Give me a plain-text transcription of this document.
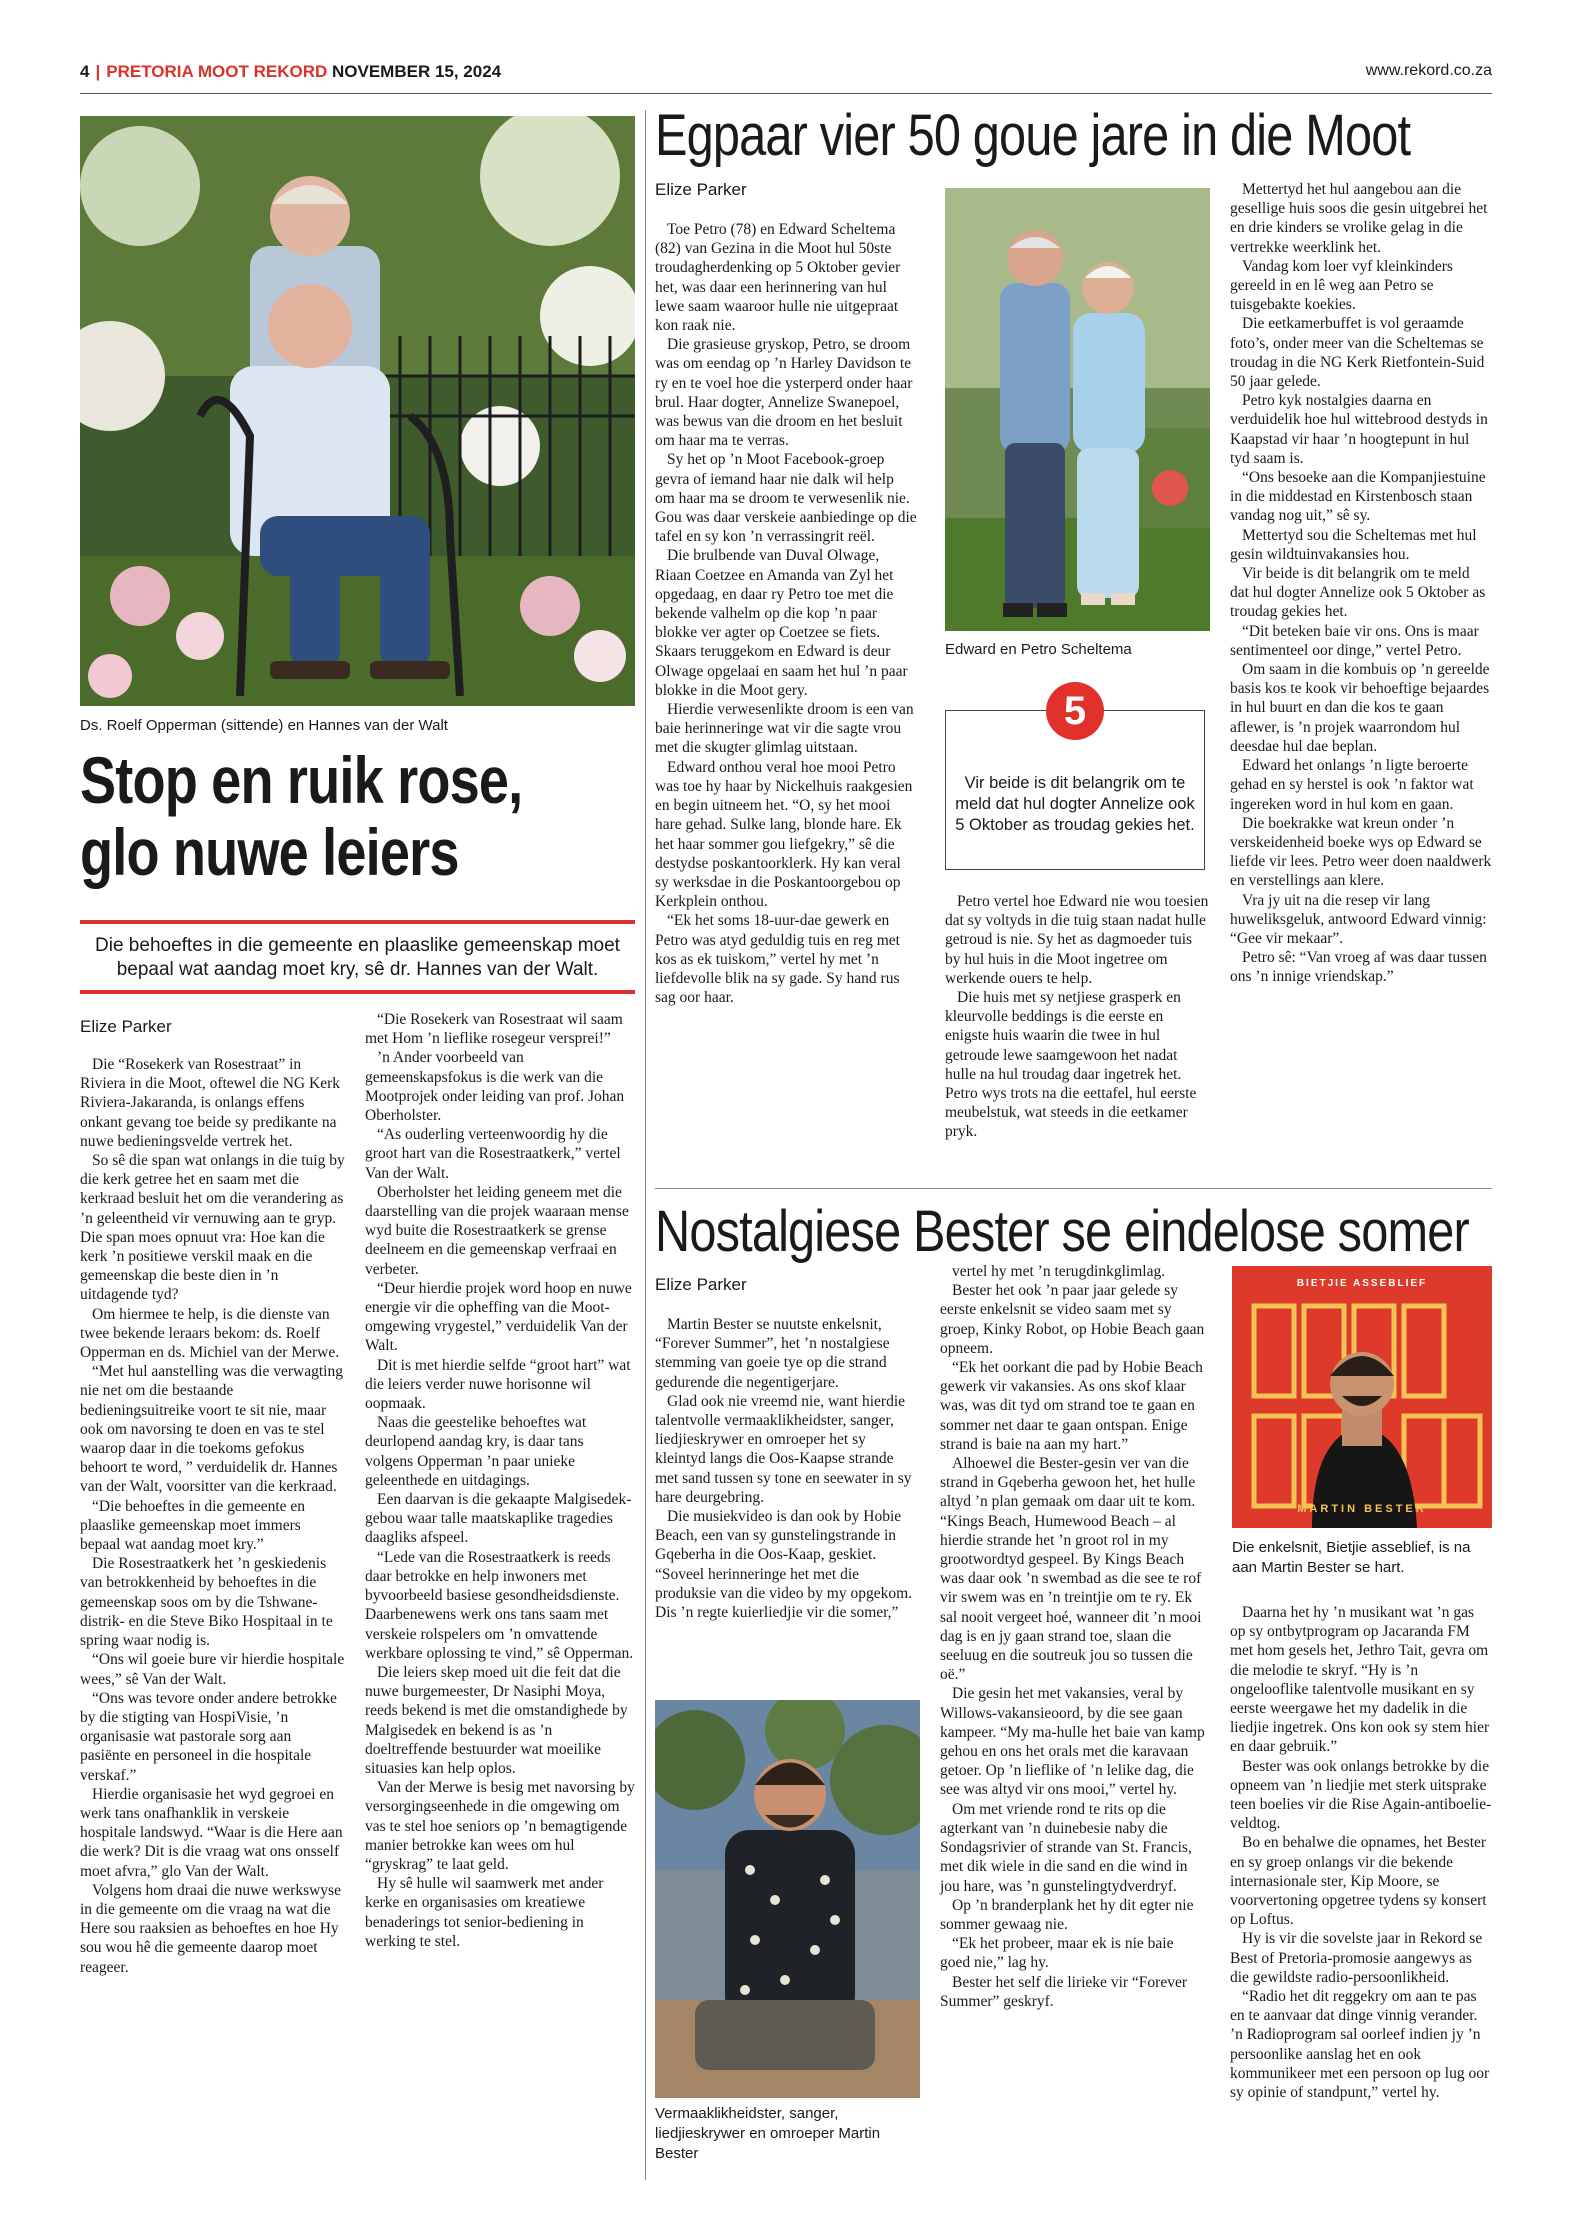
4 | PRETORIA MOOT REKORD NOVEMBER 15, 2024	www.rekord.co.za
Ds. Roelf Opperman (sittende) en Hannes van der Walt
Stop en ruik rose, glo nuwe leiers
Die behoeftes in die gemeente en plaaslike gemeenskap moet bepaal wat aandag moet kry, sê dr. Hannes van der Walt.
Elize Parker

Die “Rosekerk van Rosestraat” in Riviera in die Moot, oftewel die NG Kerk Riviera-Jakaranda, is onlangs effens onkant gevang toe beide sy predikante na nuwe bedieningsvelde vertrek het.

So sê die span wat onlangs in die tuig by die kerk getree het en saam met die kerkraad besluit het om die verandering as ’n geleentheid vir vernuwing aan te gryp. Die span moes opnuut vra: Hoe kan die kerk ’n positiewe verskil maak en die gemeenskap die beste dien in ’n uitdagende tyd?

Om hiermee te help, is die dienste van twee bekende leraars bekom: ds. Roelf Opperman en ds. Michiel van der Merwe.

“Met hul aanstelling was die verwagting nie net om die bestaande bedieningsuitreike voort te sit nie, maar ook om navorsing te doen en vas te stel waarop daar in die toekoms gefokus behoort te word, ” verduidelik dr. Hannes van der Walt, voorsitter van die kerkraad.

“Die behoeftes in die gemeente en plaaslike gemeenskap moet immers bepaal wat aandag moet kry.”

Die Rosestraatkerk het ’n geskiedenis van betrokkenheid by behoeftes in die gemeenskap soos om by die Tshwane-distrik- en die Steve Biko Hospitaal in te spring waar nodig is.

“Ons wil goeie bure vir hierdie hospitale wees,” sê Van der Walt.

“Ons was tevore onder andere betrokke by die stigting van HospiVisie, ’n organisasie wat pastorale sorg aan pasiënte en personeel in die hospitale verskaf.”

Hierdie organisasie het wyd gegroei en werk tans onafhanklik in verskeie hospitale landswyd. “Waar is die Here aan die werk? Dit is die vraag wat ons onsself moet afvra,” glo Van der Walt.

Volgens hom draai die nuwe werkswyse in die gemeente om die vraag na wat die Here sou raaksien as behoeftes en hoe Hy sou wou hê die gemeente daarop moet reageer.

“Die Rosekerk van Rosestraat wil saam met Hom ’n lieflike rosegeur versprei!”

’n Ander voorbeeld van gemeenskapsfokus is die werk van die Mootprojek onder leiding van prof. Johan Oberholster.

“As ouderling verteenwoordig hy die groot hart van die Rosestraatkerk,” vertel Van der Walt.

Oberholster het leiding geneem met die daarstelling van die projek waaraan mense wyd buite die Rosestraatkerk se grense deelneem en die gemeenskap verfraai en verbeter.

“Deur hierdie projek word hoop en nuwe energie vir die opheffing van die Moot-omgewing vrygestel,” verduidelik Van der Walt.

Dit is met hierdie selfde “groot hart” wat die leiers verder nuwe horisonne wil oopmaak.

Naas die geestelike behoeftes wat deurlopend aandag kry, is daar tans volgens Opperman ’n paar unieke geleenthede en uitdagings.

Een daarvan is die gekaapte Malgisedek-gebou waar talle maatskaplike tragedies daagliks afspeel.

“Lede van die Rosestraatkerk is reeds daar betrokke en help inwoners met byvoorbeeld basiese gesondheidsdienste. Daarbenewens werk ons tans saam met verskeie rolspelers om ’n omvattende werkbare oplossing te vind,” sê Opperman.

Die leiers skep moed uit die feit dat die nuwe burgemeester, Dr Nasiphi Moya, reeds bekend is met die omstandighede by Malgisedek en bekend is as ’n doeltreffende bestuurder wat moeilike situasies kan help oplos.

Van der Merwe is besig met navorsing by versorgingseenhede in die omgewing om vas te stel hoe seniors op ’n bemagtigende manier betrokke kan wees om hul “gryskrag” te laat geld.

Hy sê hulle wil saamwerk met ander kerke en organisasies om kreatiewe benaderings tot senior-bediening in werking te stel.

Egpaar vier 50 goue jare in die Moot
Elize Parker

Toe Petro (78) en Edward Scheltema (82) van Gezina in die Moot hul 50ste troudagherdenking op 5 Oktober gevier het, was daar een herinnering van hul lewe saam waaroor hulle nie uitgepraat kon raak nie.

Die grasieuse gryskop, Petro, se droom was om eendag op ’n Harley Davidson te ry en te voel hoe die ysterperd onder haar brul. Haar dogter, Annelize Swanepoel, was bewus van die droom en het besluit om haar ma te verras.

Sy het op ’n Moot Facebook-groep gevra of iemand haar nie dalk wil help om haar ma se droom te verwesenlik nie. Gou was daar verskeie aanbiedinge op die tafel en sy kon ’n verrassingrit reël.

Die brulbende van Duval Olwage, Riaan Coetzee en Amanda van Zyl het opgedaag, en daar ry Petro toe met die bekende valhelm op die kop ’n paar blokke ver agter op Coetzee se fiets. Skaars teruggekom en Edward is deur Olwage opgelaai en saam het hul ’n paar blokke in die Moot gery.

Hierdie verwesenlikte droom is een van baie herinneringe wat vir die sagte vrou met die skugter glimlag uitstaan.

Edward onthou veral hoe mooi Petro was toe hy haar by Nickelhuis raakgesien en begin uitneem het. “O, sy het mooi hare gehad. Sulke lang, blonde hare. Ek het haar sommer gou liefgekry,” sê die destydse poskantoorklerk. Hy kan veral sy werksdae in die Poskantoorgebou op Kerkplein onthou.

“Ek het soms 18-uur-dae gewerk en Petro was atyd geduldig tuis en reg met kos as ek tuiskom,” vertel hy met ’n liefdevolle blik na sy gade. Sy hand rus sag oor haar.

Edward en Petro Scheltema
5
Vir beide is dit belangrik om te meld dat hul dogter Annelize ook 5 Oktober as troudag gekies het.

Petro vertel hoe Edward nie wou toesien dat sy voltyds in die tuig staan nadat hulle getroud is nie. Sy het as dagmoeder tuis by hul huis in die Moot ingetree om werkende ouers te help.

Die huis met sy netjiese grasperk en kleurvolle beddings is die eerste en enigste huis waarin die twee in hul getroude lewe saamgewoon het nadat hulle na hul troudag daar ingetrek het. Petro wys trots na die eettafel, hul eerste meubelstuk, wat steeds in die eetkamer pryk.

Mettertyd het hul aangebou aan die gesellige huis soos die gesin uitgebrei het en drie kinders se vrolike gelag in die vertrekke weerklink het.

Vandag kom loer vyf kleinkinders gereeld in en lê weg aan Petro se tuisgebakte koekies.

Die eetkamerbuffet is vol geraamde foto’s, onder meer van die Scheltemas se troudag in die NG Kerk Rietfontein-Suid 50 jaar gelede.

Petro kyk nostalgies daarna en verduidelik hoe hul wittebrood destyds in Kaapstad vir haar ’n hoogtepunt in hul tyd saam is.

“Ons besoeke aan die Kompanjiestuine in die middestad en Kirstenbosch staan vandag nog uit,” sê sy.

Mettertyd sou die Scheltemas met hul gesin wildtuinvakansies hou.

Vir beide is dit belangrik om te meld dat hul dogter Annelize ook 5 Oktober as troudag gekies het.

“Dit beteken baie vir ons. Ons is maar sentimenteel oor dinge,” vertel Petro.

Om saam in die kombuis op ’n gereelde basis kos te kook vir behoeftige bejaardes in hul buurt en dan die kos te gaan aflewer, is ’n projek waarrondom hul deesdae hul dae beplan.

Edward het onlangs ’n ligte beroerte gehad en sy herstel is ook ’n faktor wat ingereken word in hul kom en gaan.

Die boekrakke wat kreun onder ’n verskeidenheid boeke wys op Edward se liefde vir lees. Petro weer doen naaldwerk en verstellings aan klere.

Vra jy uit na die resep vir lang huweliksgeluk, antwoord Edward vinnig: “Gee vir mekaar”.

Petro sê: “Van vroeg af was daar tussen ons ’n innige vriendskap.”

Nostalgiese Bester se eindelose somer
Elize Parker

Martin Bester se nuutste enkelsnit, “Forever Summer”, het ’n nostalgiese stemming van goeie tye op die strand gedurende die negentigerjare.

Glad ook nie vreemd nie, want hierdie talentvolle vermaaklikheidster, sanger, liedjieskrywer en omroeper het sy kleintyd langs die Oos-Kaapse strande met sand tussen sy tone en seewater in sy hare deurgebring.

Die musiekvideo is dan ook by Hobie Beach, een van sy gunstelingstrande in Gqeberha in die Oos-Kaap, geskiet. “Soveel herinneringe het met die produksie van die video by my opgekom. Dis ’n regte kuierliedjie vir die somer,”

Vermaaklikheidster, sanger, liedjieskrywer en omroeper Martin Bester

vertel hy met ’n terugdinkglimlag.

Bester het ook ’n paar jaar gelede sy eerste enkelsnit se video saam met sy groep, Kinky Robot, op Hobie Beach gaan opneem.

“Ek het oorkant die pad by Hobie Beach gewerk vir vakansies. As ons skof klaar was, was dit tyd om strand toe te gaan en sommer net daar te gaan ontspan. Enige strand is baie na aan my hart.”

Alhoewel die Bester-gesin ver van die strand in Gqeberha gewoon het, het hulle altyd ’n plan gemaak om daar uit te kom. “Kings Beach, Humewood Beach – al hierdie strande het ’n groot rol in my grootwordtyd gespeel. By Kings Beach was daar ook ’n swembad as die see te rof vir swem was en ’n treintjie om te ry. Ek sal nooit vergeet hoé, wanneer dit ’n mooi dag is en jy gaan strand toe, slaan die seeluug en die soutreuk jou so tussen die oë.”

Die gesin het met vakansies, veral by Willows-vakansieoord, by die see gaan kampeer. “My ma-hulle het baie van kamp gehou en ons het orals met die karavaan getoer. Op ’n lieflike of ’n lelike dag, die see was altyd vir ons mooi,” vertel hy.

Om met vriende rond te rits op die agterkant van ’n duinebesie naby die Sondagsrivier of strande van St. Francis, met dik wiele in die sand en die wind in jou hare, was ’n gunstelingtydverdryf.

Op ’n branderplank het hy dit egter nie sommer gewaag nie.

“Ek het probeer, maar ek is nie baie goed nie,” lag hy.

Bester het self die lirieke vir “Forever Summer” geskryf.

BIETJIE ASSEBLIEF
MARTIN BESTER
Die enkelsnit, Bietjie asseblief, is na aan Martin Bester se hart.

Daarna het hy ’n musikant wat ’n gas op sy ontbytprogram op Jacaranda FM met hom gesels het, Jethro Tait, gevra om die melodie te skryf. “Hy is ’n ongelooflike talentvolle musikant en sy eerste weergawe het my dadelik in die liedjie ingetrek. Ons kon ook sy stem hier en daar gebruik.”

Bester was ook onlangs betrokke by die opneem van ’n liedjie met sterk uitsprake teen boelies vir die Rise Again-antiboelie-veldtog.

Bo en behalwe die opnames, het Bester en sy groep onlangs vir die bekende internasionale ster, Kip Moore, se voorvertoning opgetree tydens sy konsert op Loftus.

Hy is vir die sovelste jaar in Rekord se Best of Pretoria-promosie aangewys as die gewildste radio-persoonlikheid.

“Radio het dit reggekry om aan te pas en te aanvaar dat dinge vinnig verander. ’n Radioprogram sal oorleef indien jy ’n persoonlike aanslag het en ook kommunikeer met een persoon op lug oor sy opinie of standpunt,” vertel hy.
